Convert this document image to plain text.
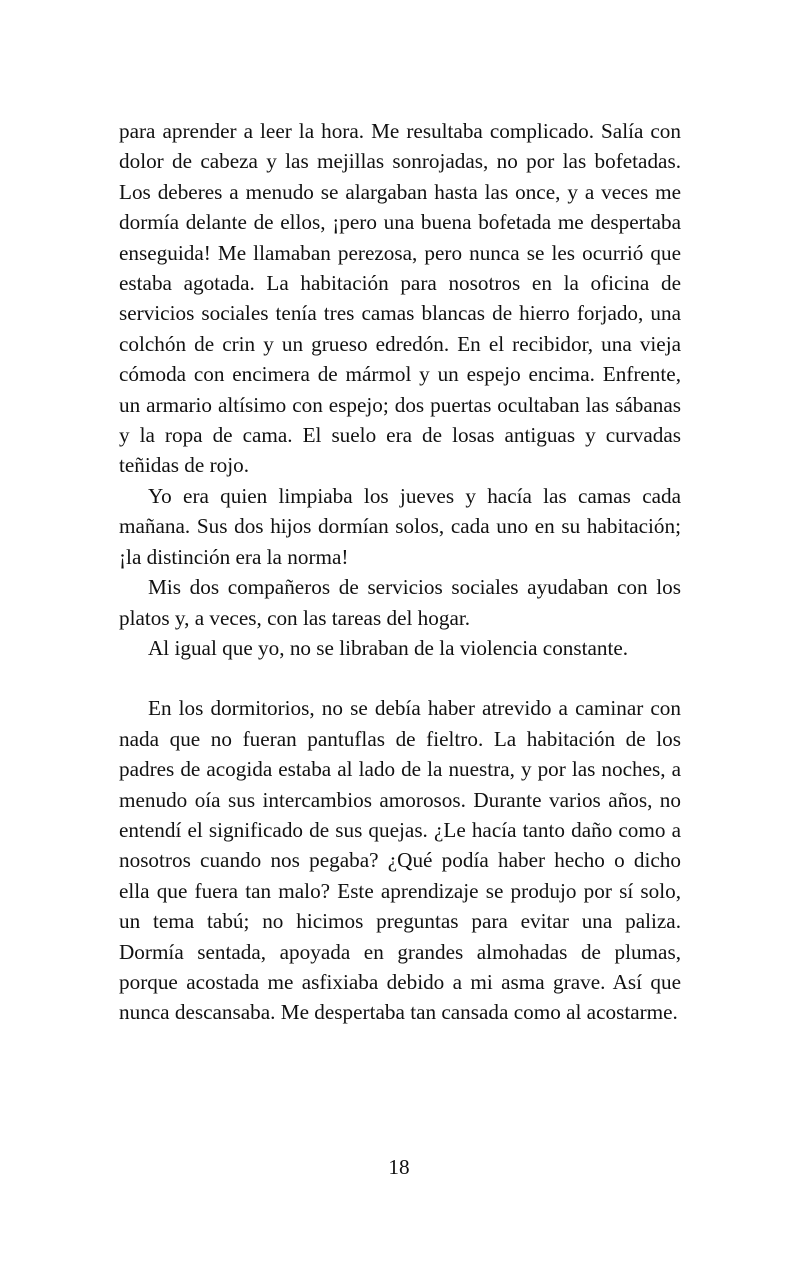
para aprender a leer la hora. Me resultaba complicado. Salía con dolor de cabeza y las mejillas sonrojadas, no por las bofetadas. Los deberes a menudo se alargaban hasta las once, y a veces me dormía delante de ellos, ¡pero una buena bofetada me despertaba enseguida! Me llamaban perezosa, pero nunca se les ocurrió que estaba agotada. La habitación para nosotros en la oficina de servicios sociales tenía tres camas blancas de hierro forjado, una colchón de crin y un grueso edredón. En el recibidor, una vieja cómoda con encimera de mármol y un espejo encima. Enfrente, un armario altísimo con espejo; dos puertas ocultaban las sábanas y la ropa de cama. El suelo era de losas antiguas y curvadas teñidas de rojo.

Yo era quien limpiaba los jueves y hacía las camas cada mañana. Sus dos hijos dormían solos, cada uno en su habitación; ¡la distinción era la norma!

Mis dos compañeros de servicios sociales ayudaban con los platos y, a veces, con las tareas del hogar.

Al igual que yo, no se libraban de la violencia constante.

En los dormitorios, no se debía haber atrevido a caminar con nada que no fueran pantuflas de fieltro. La habitación de los padres de acogida estaba al lado de la nuestra, y por las noches, a menudo oía sus intercambios amorosos. Durante varios años, no entendí el significado de sus quejas. ¿Le hacía tanto daño como a nosotros cuando nos pegaba? ¿Qué podía haber hecho o dicho ella que fuera tan malo? Este aprendizaje se produjo por sí solo, un tema tabú; no hicimos preguntas para evitar una paliza. Dormía sentada, apoyada en grandes almohadas de plumas, porque acostada me asfixiaba debido a mi asma grave. Así que nunca descansaba. Me despertaba tan cansada como al acostarme.

18
